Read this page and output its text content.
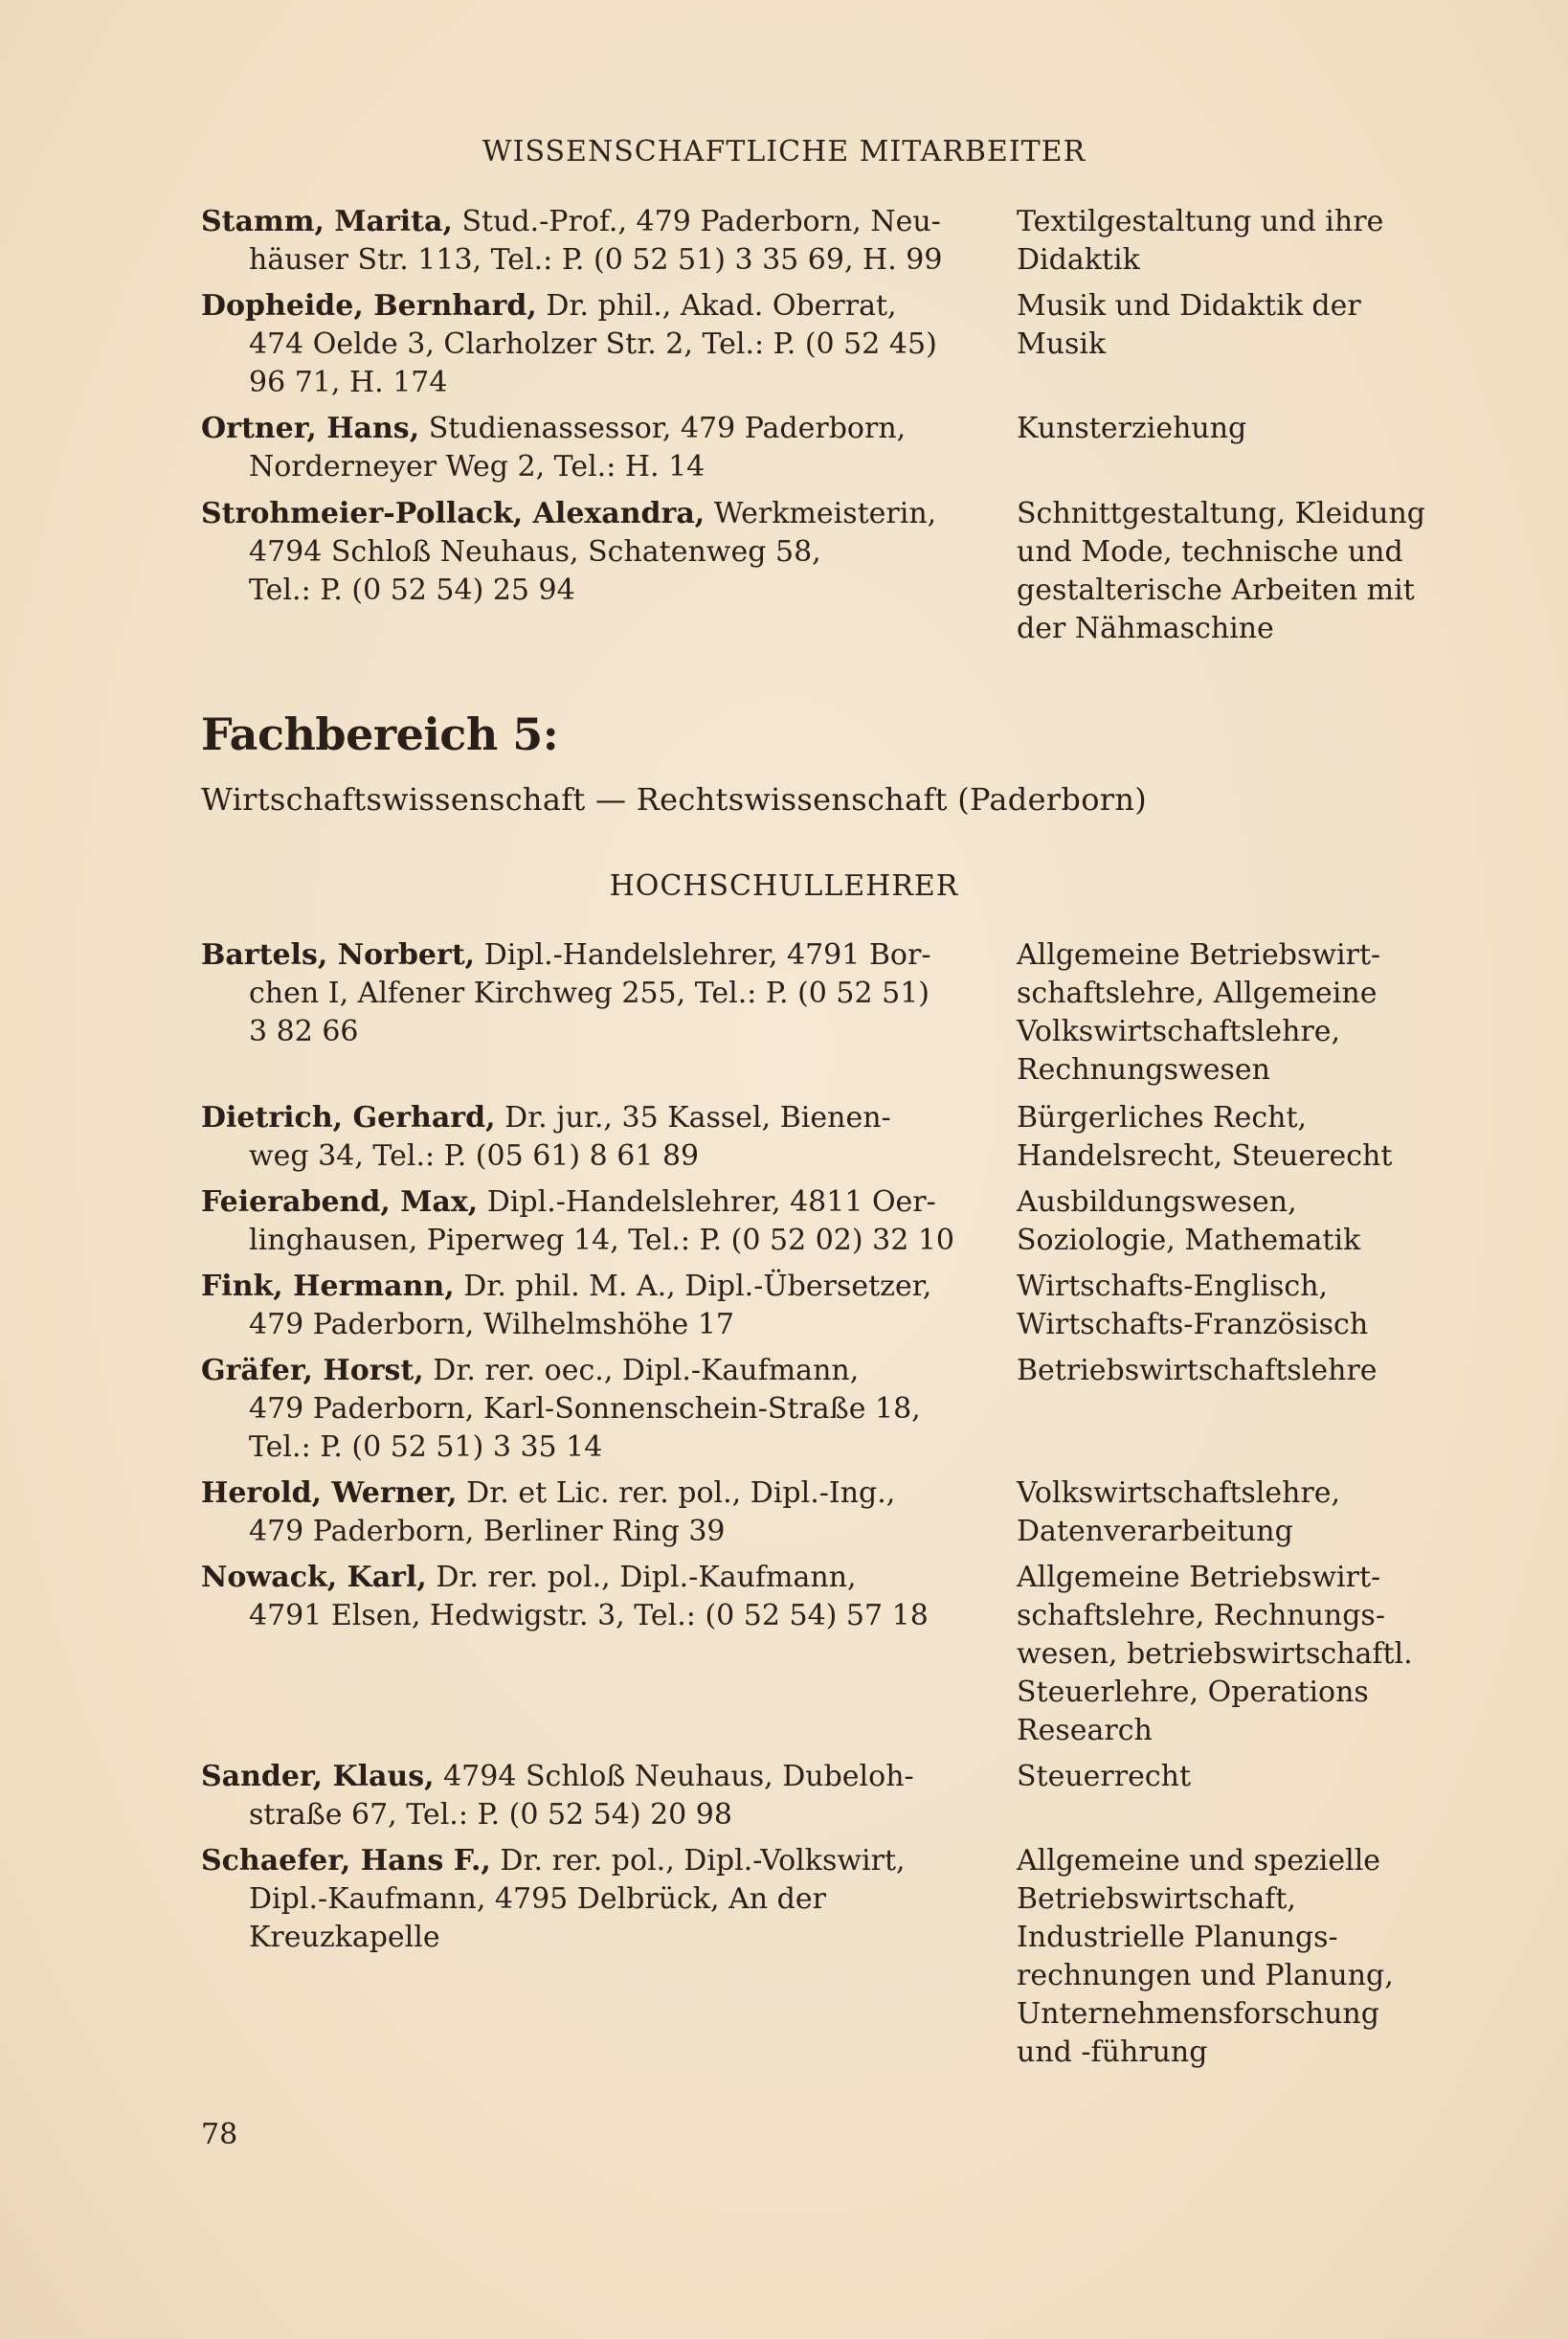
WISSENSCHAFTLICHE MITARBEITER
Stamm, Marita, Stud.-Prof., 479 Paderborn, Neu-
häuser Str. 113, Tel.: P. (0 52 51) 3 35 69, H. 99
Textilgestaltung und ihre
Didaktik
Dopheide, Bernhard, Dr. phil., Akad. Oberrat,
474 Oelde 3, Clarholzer Str. 2, Tel.: P. (0 52 45)
96 71, H. 174
Musik und Didaktik der
Musik
Ortner, Hans, Studienassessor, 479 Paderborn,
Norderneyer Weg 2, Tel.: H. 14
Kunsterziehung
Strohmeier-Pollack, Alexandra, Werkmeisterin,
4794 Schloß Neuhaus, Schatenweg 58,
Tel.: P. (0 52 54) 25 94
Schnittgestaltung, Kleidung
und Mode, technische und
gestalterische Arbeiten mit
der Nähmaschine
Fachbereich 5:
Wirtschaftswissenschaft — Rechtswissenschaft (Paderborn)
HOCHSCHULLEHRER
Bartels, Norbert, Dipl.-Handelslehrer, 4791 Bor-
chen I, Alfener Kirchweg 255, Tel.: P. (0 52 51)
3 82 66
Allgemeine Betriebswirt-
schaftslehre, Allgemeine
Volkswirtschaftslehre,
Rechnungswesen
Dietrich, Gerhard, Dr. jur., 35 Kassel, Bienen-
weg 34, Tel.: P. (05 61) 8 61 89
Bürgerliches Recht,
Handelsrecht, Steuerecht
Feierabend, Max, Dipl.-Handelslehrer, 4811 Oer-
linghausen, Piperweg 14, Tel.: P. (0 52 02) 32 10
Ausbildungswesen,
Soziologie, Mathematik
Fink, Hermann, Dr. phil. M. A., Dipl.-Übersetzer,
479 Paderborn, Wilhelmshöhe 17
Wirtschafts-Englisch,
Wirtschafts-Französisch
Gräfer, Horst, Dr. rer. oec., Dipl.-Kaufmann,
479 Paderborn, Karl-Sonnenschein-Straße 18,
Tel.: P. (0 52 51) 3 35 14
Betriebswirtschaftslehre
Herold, Werner, Dr. et Lic. rer. pol., Dipl.-Ing.,
479 Paderborn, Berliner Ring 39
Volkswirtschaftslehre,
Datenverarbeitung
Nowack, Karl, Dr. rer. pol., Dipl.-Kaufmann,
4791 Elsen, Hedwigstr. 3, Tel.: (0 52 54) 57 18
Allgemeine Betriebswirt-
schaftslehre, Rechnungs-
wesen, betriebswirtschaftl.
Steuerlehre, Operations
Research
Sander, Klaus, 4794 Schloß Neuhaus, Dubeloh-
straße 67, Tel.: P. (0 52 54) 20 98
Steuerrecht
Schaefer, Hans F., Dr. rer. pol., Dipl.-Volkswirt,
Dipl.-Kaufmann, 4795 Delbrück, An der
Kreuzkapelle
Allgemeine und spezielle
Betriebswirtschaft,
Industrielle Planungs-
rechnungen und Planung,
Unternehmensforschung
und -führung
78
